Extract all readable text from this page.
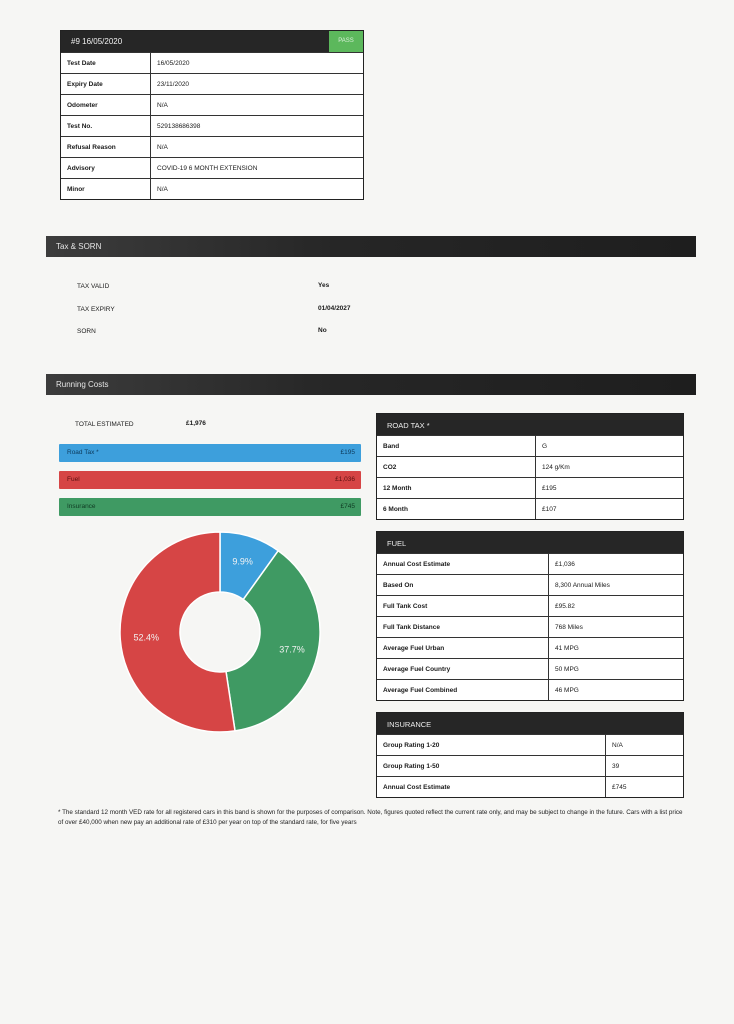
#9 16/05/2020	PASS
Test Date	16/05/2020
Expiry Date	23/11/2020
Odometer	N/A
Test No.	529138686398
Refusal Reason	N/A
Advisory	COVID-19 6 MONTH EXTENSION
Minor	N/A
Tax & SORN
TAX VALID	Yes
TAX EXPIRY	01/04/2027
SORN	No
Running Costs
TOTAL ESTIMATED	£1,976
Road Tax *	£195
Fuel	£1,036
Insurance	£745
9.9%
37.7%
52.4%
ROAD TAX *
Band	G
CO2	124 g/Km
12 Month	£195
6 Month	£107
FUEL
Annual Cost Estimate	£1,036
Based On	8,300 Annual Miles
Full Tank Cost	£95.82
Full Tank Distance	768 Miles
Average Fuel Urban	41 MPG
Average Fuel Country	50 MPG
Average Fuel Combined	46 MPG
INSURANCE
Group Rating 1-20	N/A
Group Rating 1-50	39
Annual Cost Estimate	£745
* The standard 12 month VED rate for all registered cars in this band is shown for the purposes of comparison. Note, figures quoted reflect the current rate only, and may be subject to change in the future. Cars with a list price of over £40,000 when new pay an additional rate of £310 per year on top of the standard rate, for five years
